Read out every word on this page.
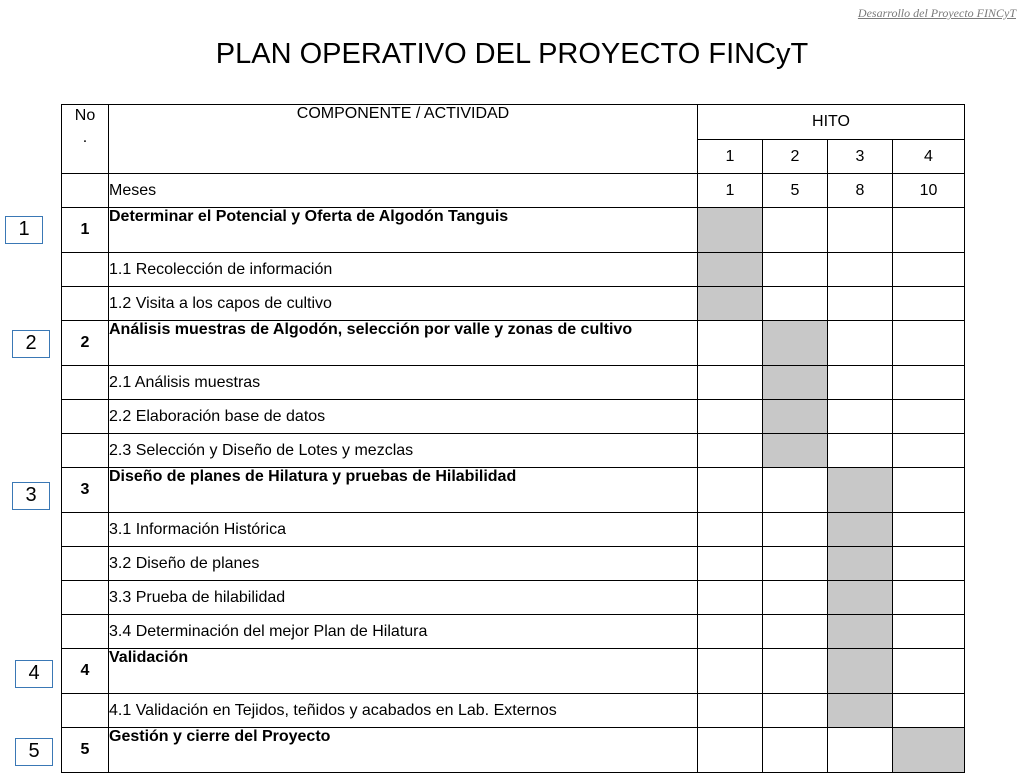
Desarrollo del Proyecto FINCyT
PLAN OPERATIVO DEL PROYECTO FINCyT
No
.	COMPONENTE / ACTIVIDAD	HITO			
		1	2	3	4
	Meses	1	5	8	10
1	Determinar el Potencial y Oferta de Algodón Tanguis				
	1.1 Recolección de información				
	1.2 Visita a los capos de cultivo				
2	Análisis muestras de Algodón, selección por valle y zonas de cultivo				
	2.1 Análisis muestras				
	2.2 Elaboración base de datos				
	2.3 Selección y Diseño de Lotes y mezclas				
3	Diseño de planes de Hilatura y pruebas de Hilabilidad				
	3.1 Información Histórica				
	3.2 Diseño de planes				
	3.3 Prueba de hilabilidad				
	3.4 Determinación del mejor Plan de Hilatura				
4	Validación				
	4.1 Validación en Tejidos, teñidos y acabados en Lab. Externos				
5	Gestión y cierre del Proyecto				
1
2
3
4
5
